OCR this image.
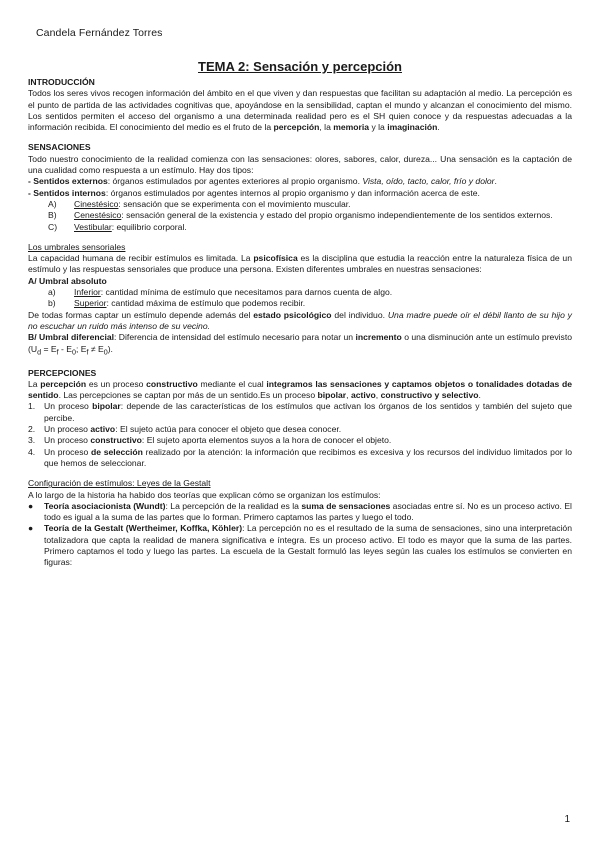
Candela Fernández Torres
TEMA 2: Sensación y percepción

INTRODUCCIÓN

Todos los seres vivos recogen información del ámbito en el que viven y dan respuestas que facilitan su adaptación al medio. La percepción es el punto de partida de las actividades cognitivas que, apoyándose en la sensibilidad, captan el mundo y alcanzan el conocimiento del mismo. Los sentidos permiten el acceso del organismo a una determinada realidad pero es el SH quien conoce y da respuestas adecuadas a la información recibida. El conocimiento del medio es el fruto de la percepción, la memoria y la imaginación.

SENSACIONES

Todo nuestro conocimiento de la realidad comienza con las sensaciones: olores, sabores, calor, dureza... Una sensación es la captación de una cualidad como respuesta a un estímulo. Hay dos tipos:

- Sentidos externos: órganos estimulados por agentes exteriores al propio organismo. Vista, oído, tacto, calor, frío y dolor.

- Sentidos internos: órganos estimulados por agentes internos al propio organismo y dan información acerca de este.

A)	Cinestésico: sensación que se experimenta con el movimiento muscular.
B)	Cenestésico: sensación general de la existencia y estado del propio organismo independientemente de los sentidos externos.
C)	Vestibular: equilibrio corporal.

Los umbrales sensoriales

La capacidad humana de recibir estímulos es limitada. La psicofísica es la disciplina que estudia la reacción entre la naturaleza física de un estímulo y las respuestas sensoriales que produce una persona. Existen diferentes umbrales en nuestras sensaciones:

A/ Umbral absoluto

a)	Inferior: cantidad mínima de estímulo que necesitamos para darnos cuenta de algo.
b)	Superior: cantidad máxima de estímulo que podemos recibir.

De todas formas captar un estímulo depende además del estado psicológico del individuo. Una madre puede oír el débil llanto de su hijo y no escuchar un ruido más intenso de su vecino.

B/ Umbral diferencial: Diferencia de intensidad del estímulo necesario para notar un incremento o una disminución ante un estímulo previsto ($U_d = E_f - E_0$; $E_f \ne E_0$).

PERCEPCIONES

La percepción es un proceso constructivo mediante el cual integramos las sensaciones y captamos objetos o tonalidades dotadas de sentido. Las percepciones se captan por más de un sentido.Es un proceso bipolar, activo, constructivo y selectivo.

1.	Un proceso bipolar: depende de las características de los estímulos que activan los órganos de los sentidos y también del sujeto que percibe.
2.	Un proceso activo: El sujeto actúa para conocer el objeto que desea conocer.
3.	Un proceso constructivo: El sujeto aporta elementos suyos a la hora de conocer el objeto.
4.	Un proceso de selección realizado por la atención: la información que recibimos es excesiva y los recursos del individuo limitados por lo que hemos de seleccionar.

Configuración de estímulos: Leyes de la Gestalt

A lo largo de la historia ha habido dos teorías que explican cómo se organizan los estímulos:

●	Teoría asociacionista (Wundt): La percepción de la realidad es la suma de sensaciones asociadas entre sí. No es un proceso activo. El todo es igual a la suma de las partes que lo forman. Primero captamos las partes y luego el todo.
●	Teoría de la Gestalt (Wertheimer, Koffka, Köhler): La percepción no es el resultado de la suma de sensaciones, sino una interpretación totalizadora que capta la realidad de manera significativa e íntegra. Es un proceso activo. El todo es mayor que la suma de las partes. Primero captamos el todo y luego las partes. La escuela de la Gestalt formuló las leyes según las cuales los estímulos se convierten en figuras:
1
